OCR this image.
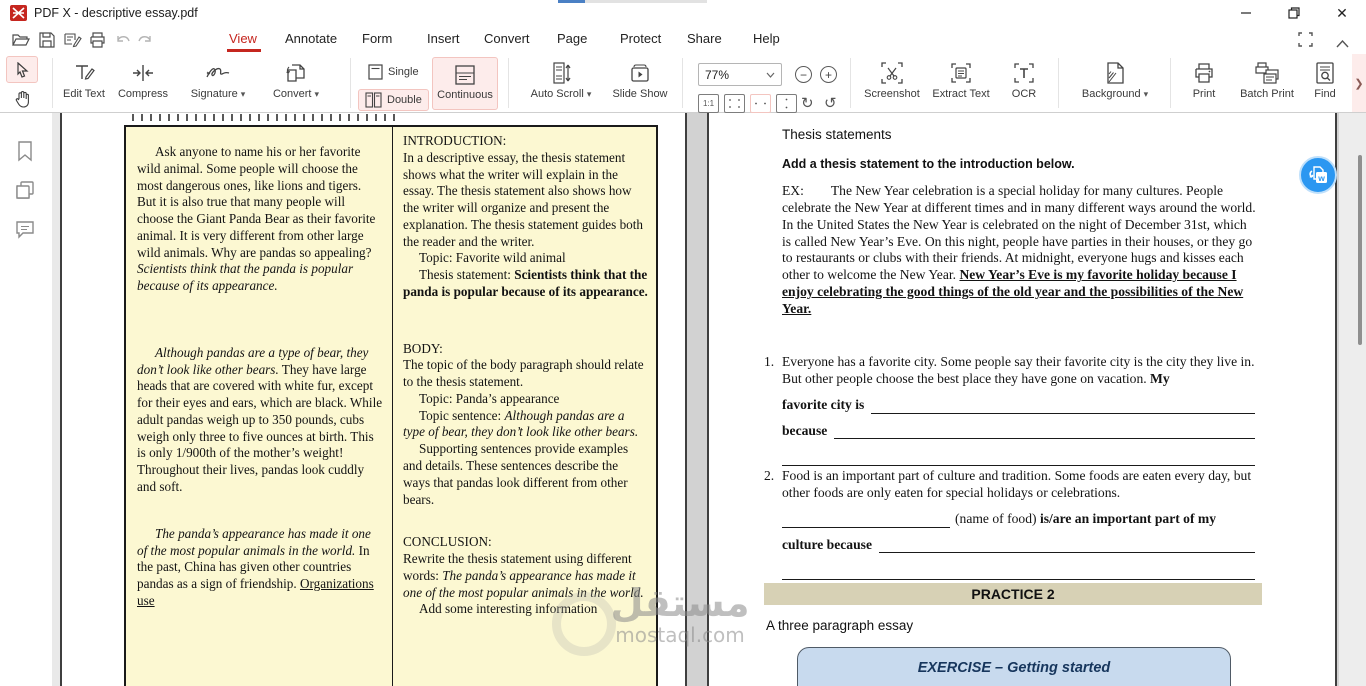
PDF X - descriptive essay.pdf	✕
View Annotate Form	Insert Convert Page	Protect Share Help
Edit Text Compress Signature ▾	Convert ▾
Single
Double Continuous	Auto Scroll ▾ Slide Show
77%	−	+
1:1	↻ ↺
Screenshot Extract Text OCR	Background ▾	Print Batch Print Find
❯

Ask anyone to name his or her favorite wild animal. Some people will choose the most dangerous ones, like lions and tigers. But it is also true that many people will choose the Giant Panda Bear as their favorite animal. It is very different from other large wild animals. Why are pandas so appealing? Scientists think that the panda is popular because of its appearance.

Although pandas are a type of bear, they don’t look like other bears. They have large heads that are covered with white fur, except for their eyes and ears, which are black. While adult pandas weigh up to 350 pounds, cubs weigh only three to five ounces at birth. This is only 1/900th of the mother’s weight! Throughout their lives, pandas look cuddly and soft.

The panda’s appearance has made it one of the most popular animals in the world. In the past, China has given other countries pandas as a sign of friendship. Organizations use

INTRODUCTION:
In a descriptive essay, the thesis statement shows what the writer will explain in the essay. The thesis statement also shows how the writer will organize and present the explanation. The thesis statement guides both the reader and the writer.
Topic: Favorite wild animal
Thesis statement: Scientists think that the panda is popular because of its appearance.
BODY:
The topic of the body paragraph should relate to the thesis statement.
Topic: Panda’s appearance
Topic sentence: Although pandas are a type of bear, they don’t look like other bears.
Supporting sentences provide examples and details. These sentences describe the ways that pandas look different from other bears.
CONCLUSION:
Rewrite the thesis statement using different words: The panda’s appearance has made it one of the most popular animals in the world.
Add some interesting information
Thesis statements
Add a thesis statement to the introduction below.
EX:        The New Year celebration is a special holiday for many cultures. People celebrate the New Year at different times and in many different ways around the world. In the United States the New Year is celebrated on the night of December 31st, which is called New Year’s Eve. On this night, people have parties in their houses, or they go to restaurants or clubs with their friends. At midnight, everyone hugs and kisses each other to welcome the New Year. New Year’s Eve is my favorite holiday because I enjoy celebrating the good things of the old year and the possibilities of the New Year.
1. Everyone has a favorite city. Some people say their favorite city is the city they live in. But other people choose the best place they have gone on vacation. My
favorite city is
because
2. Food is an important part of culture and tradition. Some foods are eaten every day, but other foods are only eaten for special holidays or celebrations.
(name of food)
is/are an important part of my
culture because
PRACTICE 2
A three paragraph essay
EXERCISE – Getting started
مستقل
mostaql.com
w
